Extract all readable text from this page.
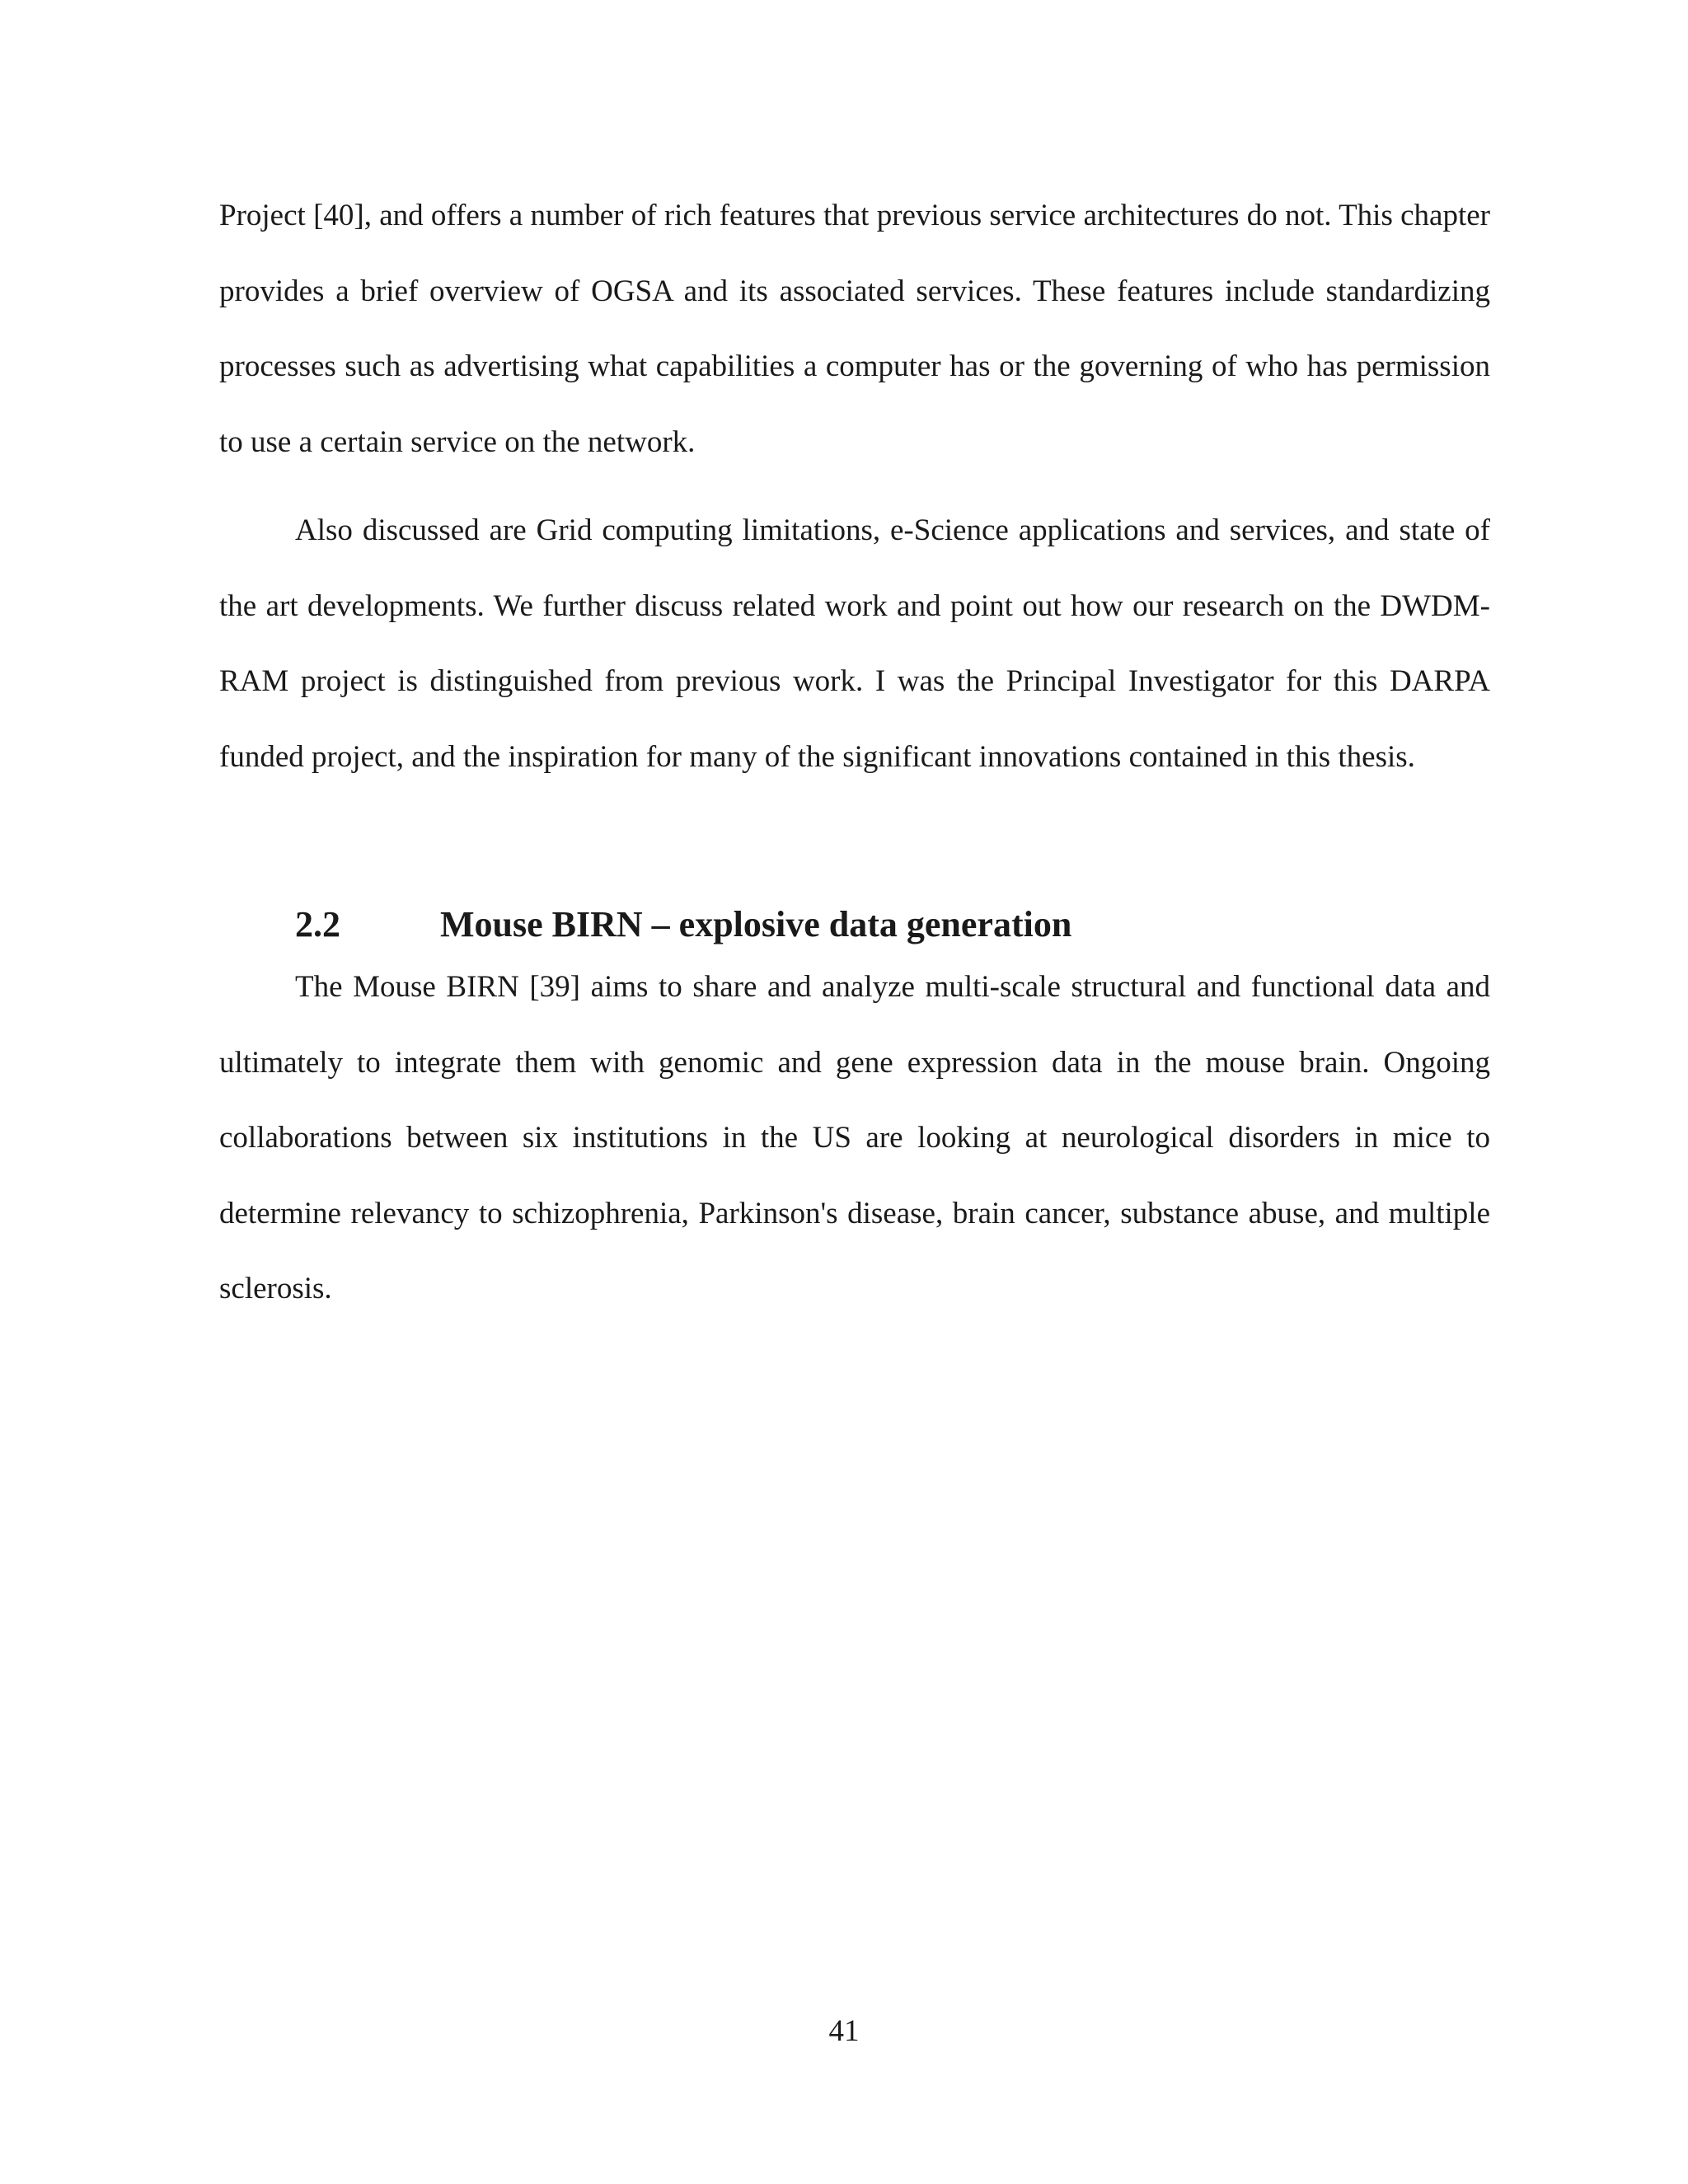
Project [40], and offers a number of rich features that previous service architectures do not. This chapter provides a brief overview of OGSA and its associated services. These features include standardizing processes such as advertising what capabilities a computer has or the governing of who has permission to use a certain service on the network.

Also discussed are Grid computing limitations, e-Science applications and services, and state of the art developments. We further discuss related work and point out how our research on the DWDM-RAM project is distinguished from previous work. I was the Principal Investigator for this DARPA funded project, and the inspiration for many of the significant innovations contained in this thesis.

2.2	Mouse BIRN – explosive data generation

The Mouse BIRN [39] aims to share and analyze multi-scale structural and functional data and ultimately to integrate them with genomic and gene expression data in the mouse brain. Ongoing collaborations between six institutions in the US are looking at neurological disorders in mice to determine relevancy to schizophrenia, Parkinson's disease, brain cancer, substance abuse, and multiple sclerosis.

41
